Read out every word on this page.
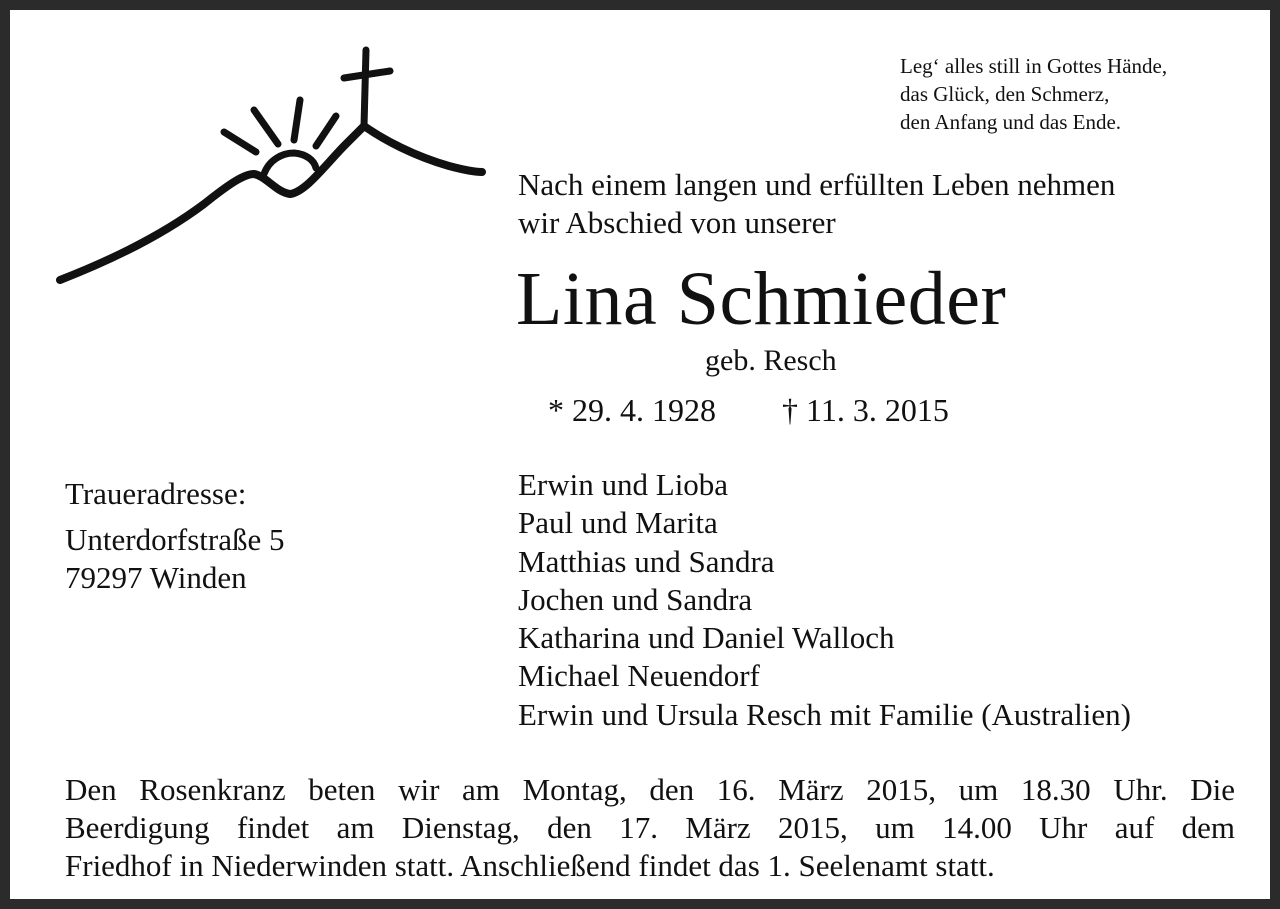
Leg‘ alles still in Gottes Hände,
das Glück, den Schmerz,
den Anfang und das Ende.
Nach einem langen und erfüllten Leben nehmen
wir Abschied von unserer
Lina Schmieder
geb. Resch
* 29. 4. 1928 † 11. 3. 2015
Traueradresse:
Unterdorfstraße 5
79297 Winden
Erwin und Lioba
Paul und Marita
Matthias und Sandra
Jochen und Sandra
Katharina und Daniel Walloch
Michael Neuendorf
Erwin und Ursula Resch mit Familie (Australien)
Den Rosenkranz beten wir am Montag, den 16. März 2015, um 18.30 Uhr. Die
Beerdigung findet am Dienstag, den 17. März 2015, um 14.00 Uhr auf dem
Friedhof in Niederwinden statt. Anschließend findet das 1. Seelenamt statt.
